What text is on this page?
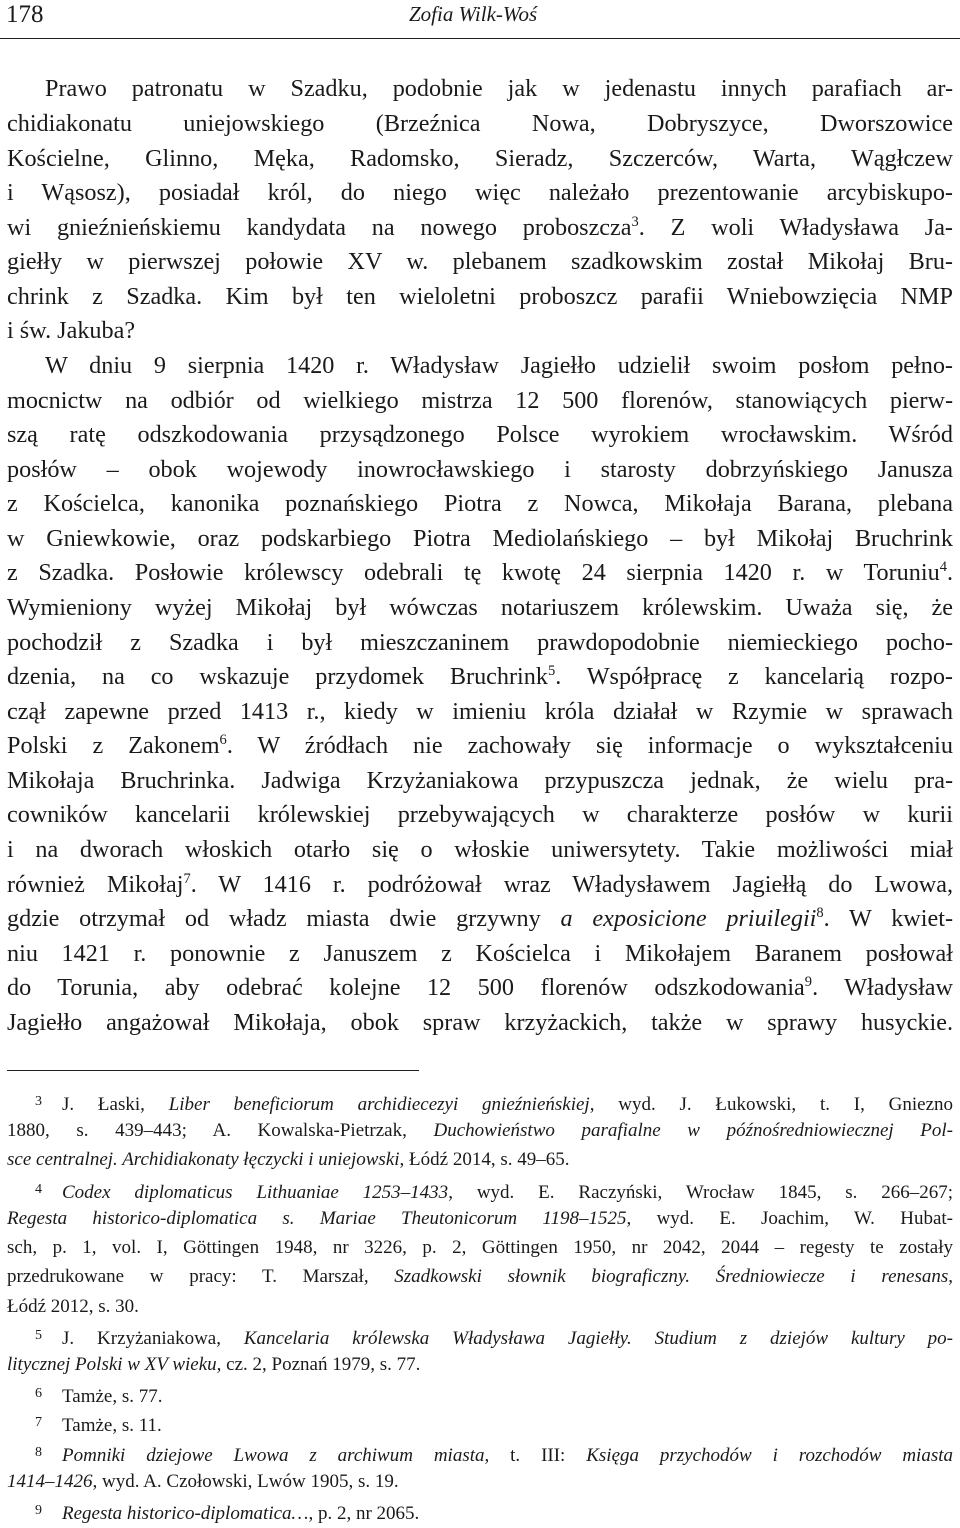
178	Zofia Wilk-Woś
Prawo patronatu w Szadku, podobnie jak w jedenastu innych parafiach ar-
chidiakonatu uniejowskiego (Brzeźnica Nowa, Dobryszyce, Dworszowice
Kościelne, Glinno, Męka, Radomsko, Sieradz, Szczerców, Warta, Wągłczew
i Wąsosz), posiadał król, do niego więc należało prezentowanie arcybiskupo-
wi gnieźnieńskiemu kandydata na nowego proboszcza$^3$. Z woli Władysława Ja-
giełły w pierwszej połowie XV w. plebanem szadkowskim został Mikołaj Bru-
chrink z Szadka. Kim był ten wieloletni proboszcz parafii Wniebowzięcia NMP
i św. Jakuba?
W dniu 9 sierpnia 1420 r. Władysław Jagiełło udzielił swoim posłom pełno-
mocnictw na odbiór od wielkiego mistrza 12 500 florenów, stanowiących pierw-
szą ratę odszkodowania przysądzonego Polsce wyrokiem wrocławskim. Wśród
posłów – obok wojewody inowrocławskiego i starosty dobrzyńskiego Janusza
z Kościelca, kanonika poznańskiego Piotra z Nowca, Mikołaja Barana, plebana
w Gniewkowie, oraz podskarbiego Piotra Mediolańskiego – był Mikołaj Bruchrink
z Szadka. Posłowie królewscy odebrali tę kwotę 24 sierpnia 1420 r. w Toruniu$^4$.
Wymieniony wyżej Mikołaj był wówczas notariuszem królewskim. Uważa się, że
pochodził z Szadka i był mieszczaninem prawdopodobnie niemieckiego pocho-
dzenia, na co wskazuje przydomek Bruchrink$^5$. Współpracę z kancelarią rozpo-
czął zapewne przed 1413 r., kiedy w imieniu króla działał w Rzymie w sprawach
Polski z Zakonem$^6$. W źródłach nie zachowały się informacje o wykształceniu
Mikołaja Bruchrinka. Jadwiga Krzyżaniakowa przypuszcza jednak, że wielu pra-
cowników kancelarii królewskiej przebywających w charakterze posłów w kurii
i na dworach włoskich otarło się o włoskie uniwersytety. Takie możliwości miał
również Mikołaj$^7$. W 1416 r. podróżował wraz Władysławem Jagiełłą do Lwowa,
gdzie otrzymał od władz miasta dwie grzywny a exposicione priuilegii$^8$. W kwiet-
niu 1421 r. ponownie z Januszem z Kościelca i Mikołajem Baranem posłował
do Torunia, aby odebrać kolejne 12 500 florenów odszkodowania$^9$. Władysław
Jagiełło angażował Mikołaja, obok spraw krzyżackich, także w sprawy husyckie.
3 J. Łaski, Liber beneficiorum archidiecezyi gnieźnieńskiej, wyd. J. Łukowski, t. I, Gniezno
1880, s. 439–443; A. Kowalska-Pietrzak, Duchowieństwo parafialne w późnośredniowiecznej Pol-
sce centralnej. Archidiakonaty łęczycki i uniejowski, Łódź 2014, s. 49–65.
4 Codex diplomaticus Lithuaniae 1253–1433, wyd. E. Raczyński, Wrocław 1845, s. 266–267;
Regesta historico-diplomatica s. Mariae Theutonicorum 1198–1525, wyd. E. Joachim, W. Hubat-
sch, p. 1, vol. I, Göttingen 1948, nr 3226, p. 2, Göttingen 1950, nr 2042, 2044 – regesty te zostały
przedrukowane w pracy: T. Marszał, Szadkowski słownik biograficzny. Średniowiecze i renesans,
Łódź 2012, s. 30.
5 J. Krzyżaniakowa, Kancelaria królewska Władysława Jagiełły. Studium z dziejów kultury po-
litycznej Polski w XV wieku, cz. 2, Poznań 1979, s. 77.
6 Tamże, s. 77.
7 Tamże, s. 11.
8 Pomniki dziejowe Lwowa z archiwum miasta, t. III: Księga przychodów i rozchodów miasta
1414–1426, wyd. A. Czołowski, Lwów 1905, s. 19.
9 Regesta historico-diplomatica…, p. 2, nr 2065.
